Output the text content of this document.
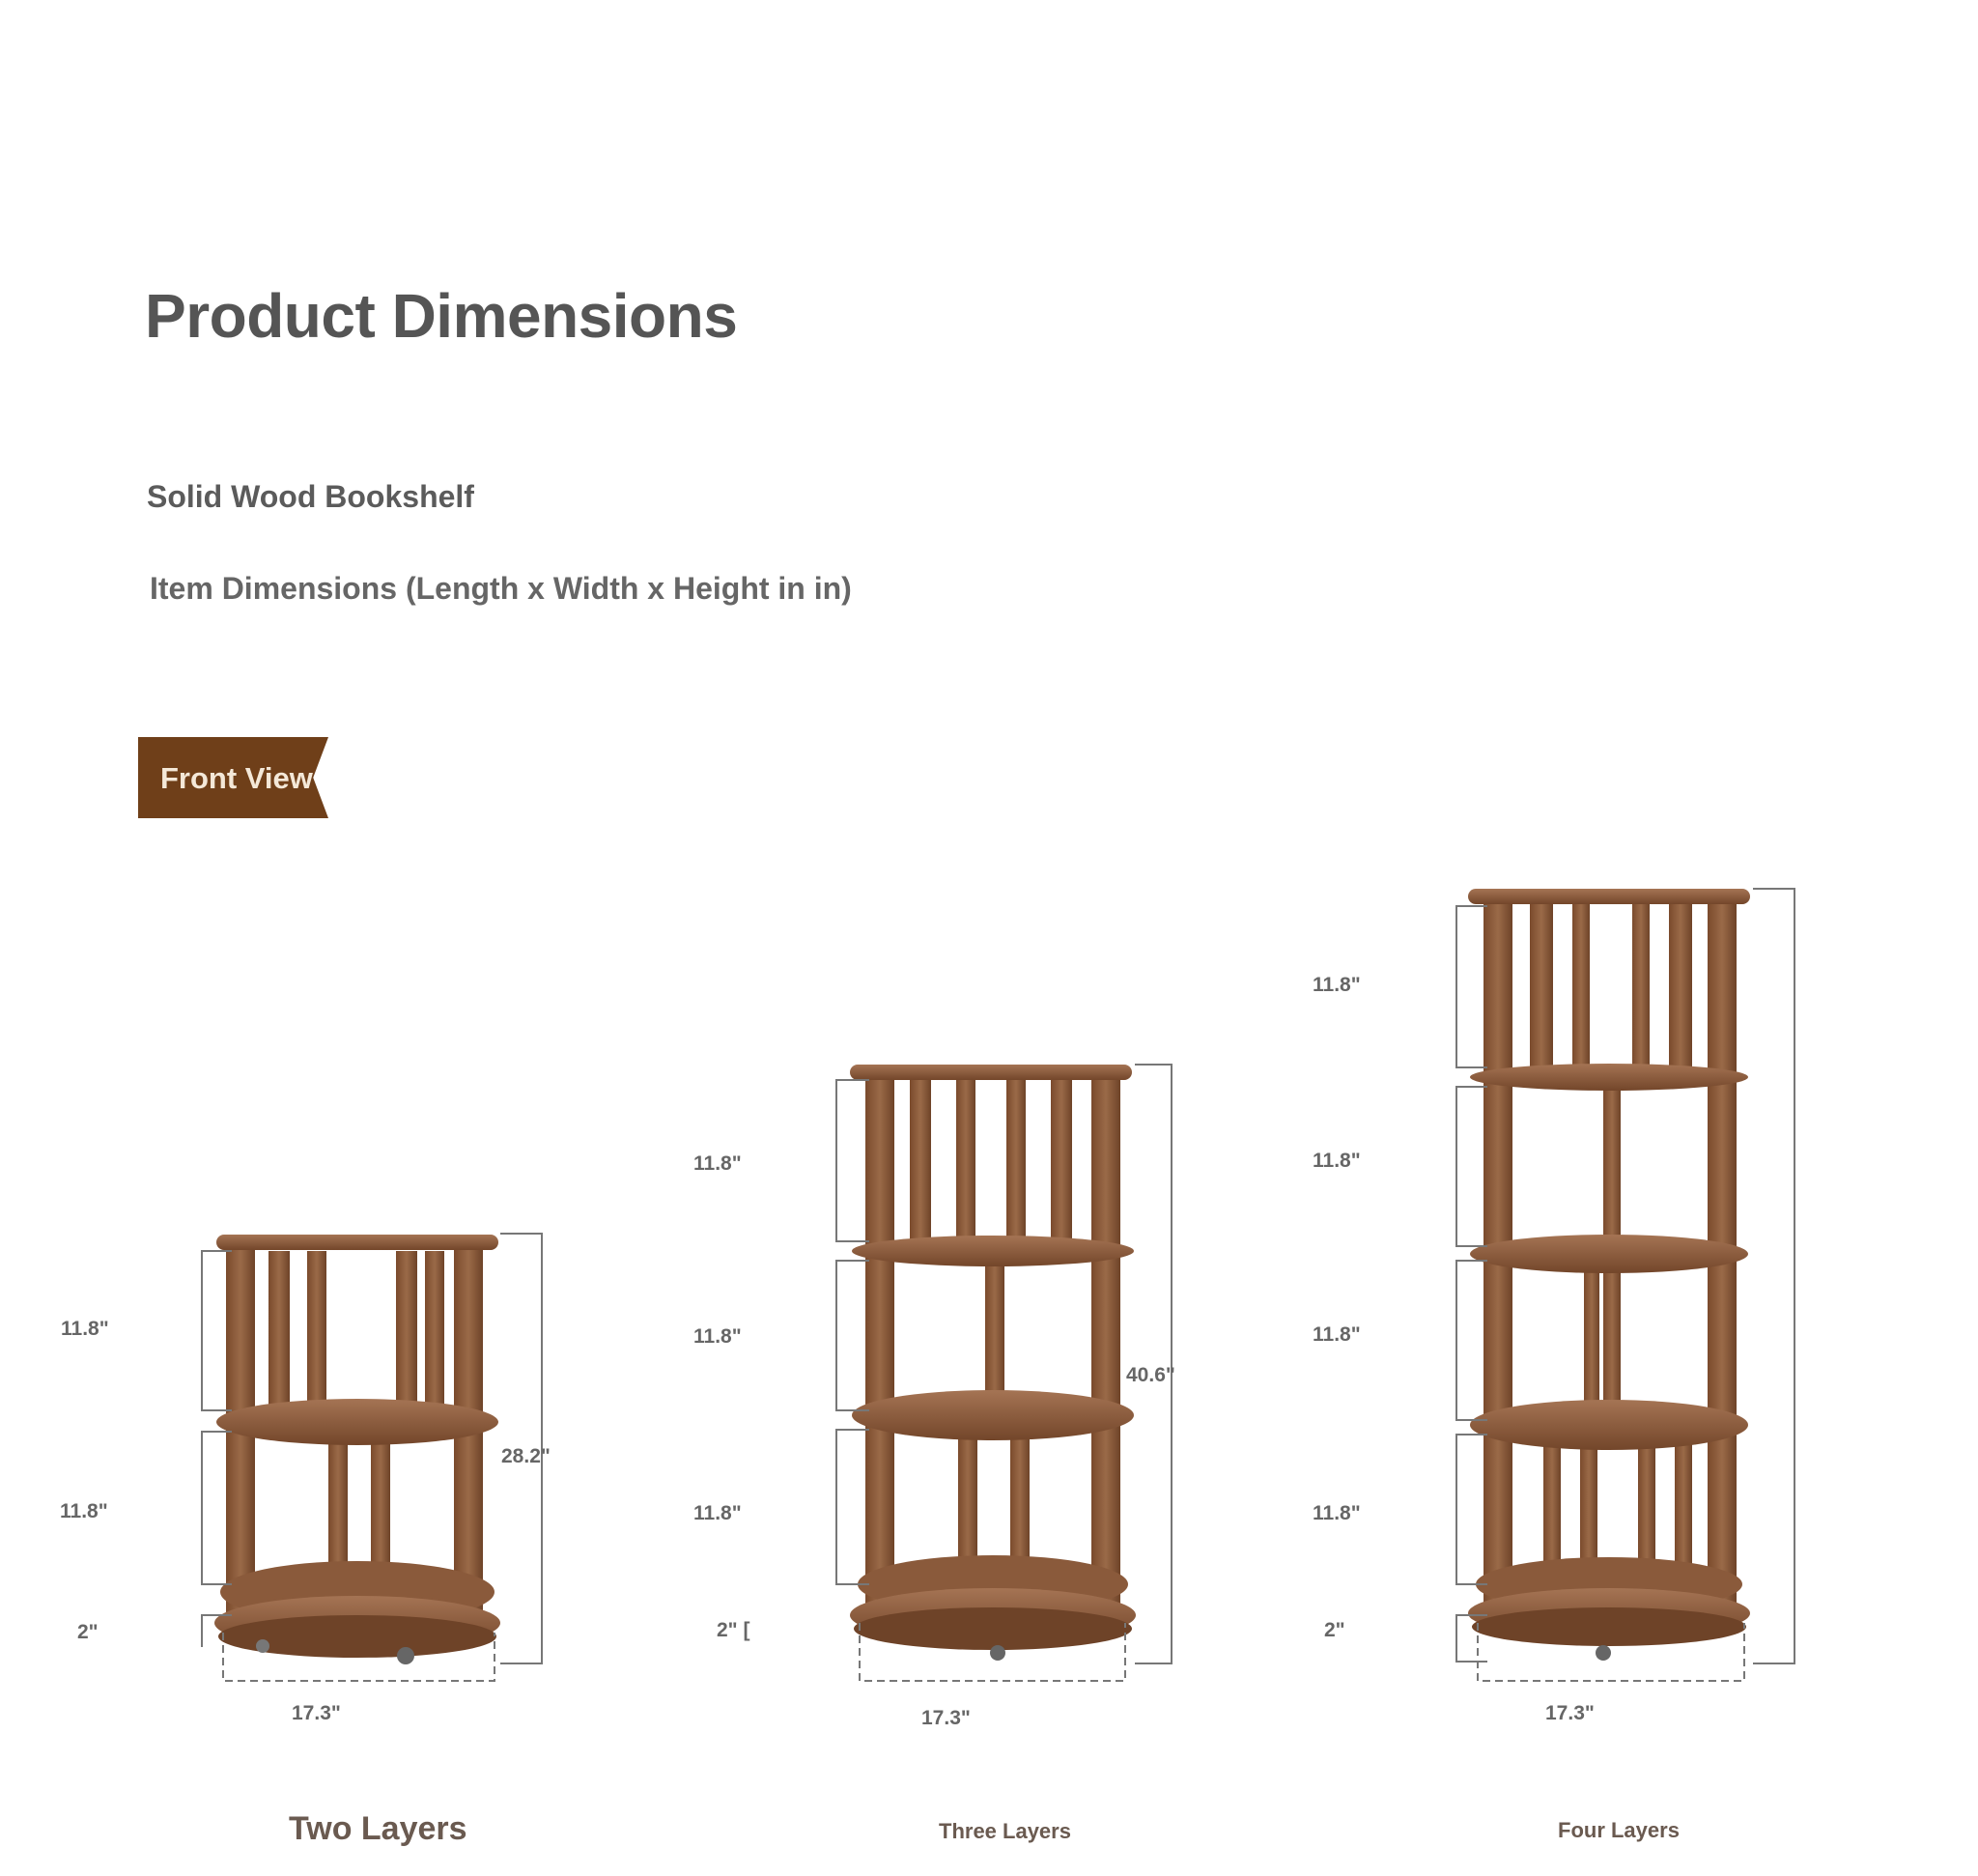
Product Dimensions
Solid Wood Bookshelf
Item Dimensions (Length x Width x Height in in)
Front View
11.8"
11.8"
2"
28.2"
17.3"
Two Layers
11.8"
11.8"
11.8"
2" [
40.6"
17.3"
Three Layers
11.8"
11.8"
11.8"
11.8"
2"
17.3"
Four Layers
